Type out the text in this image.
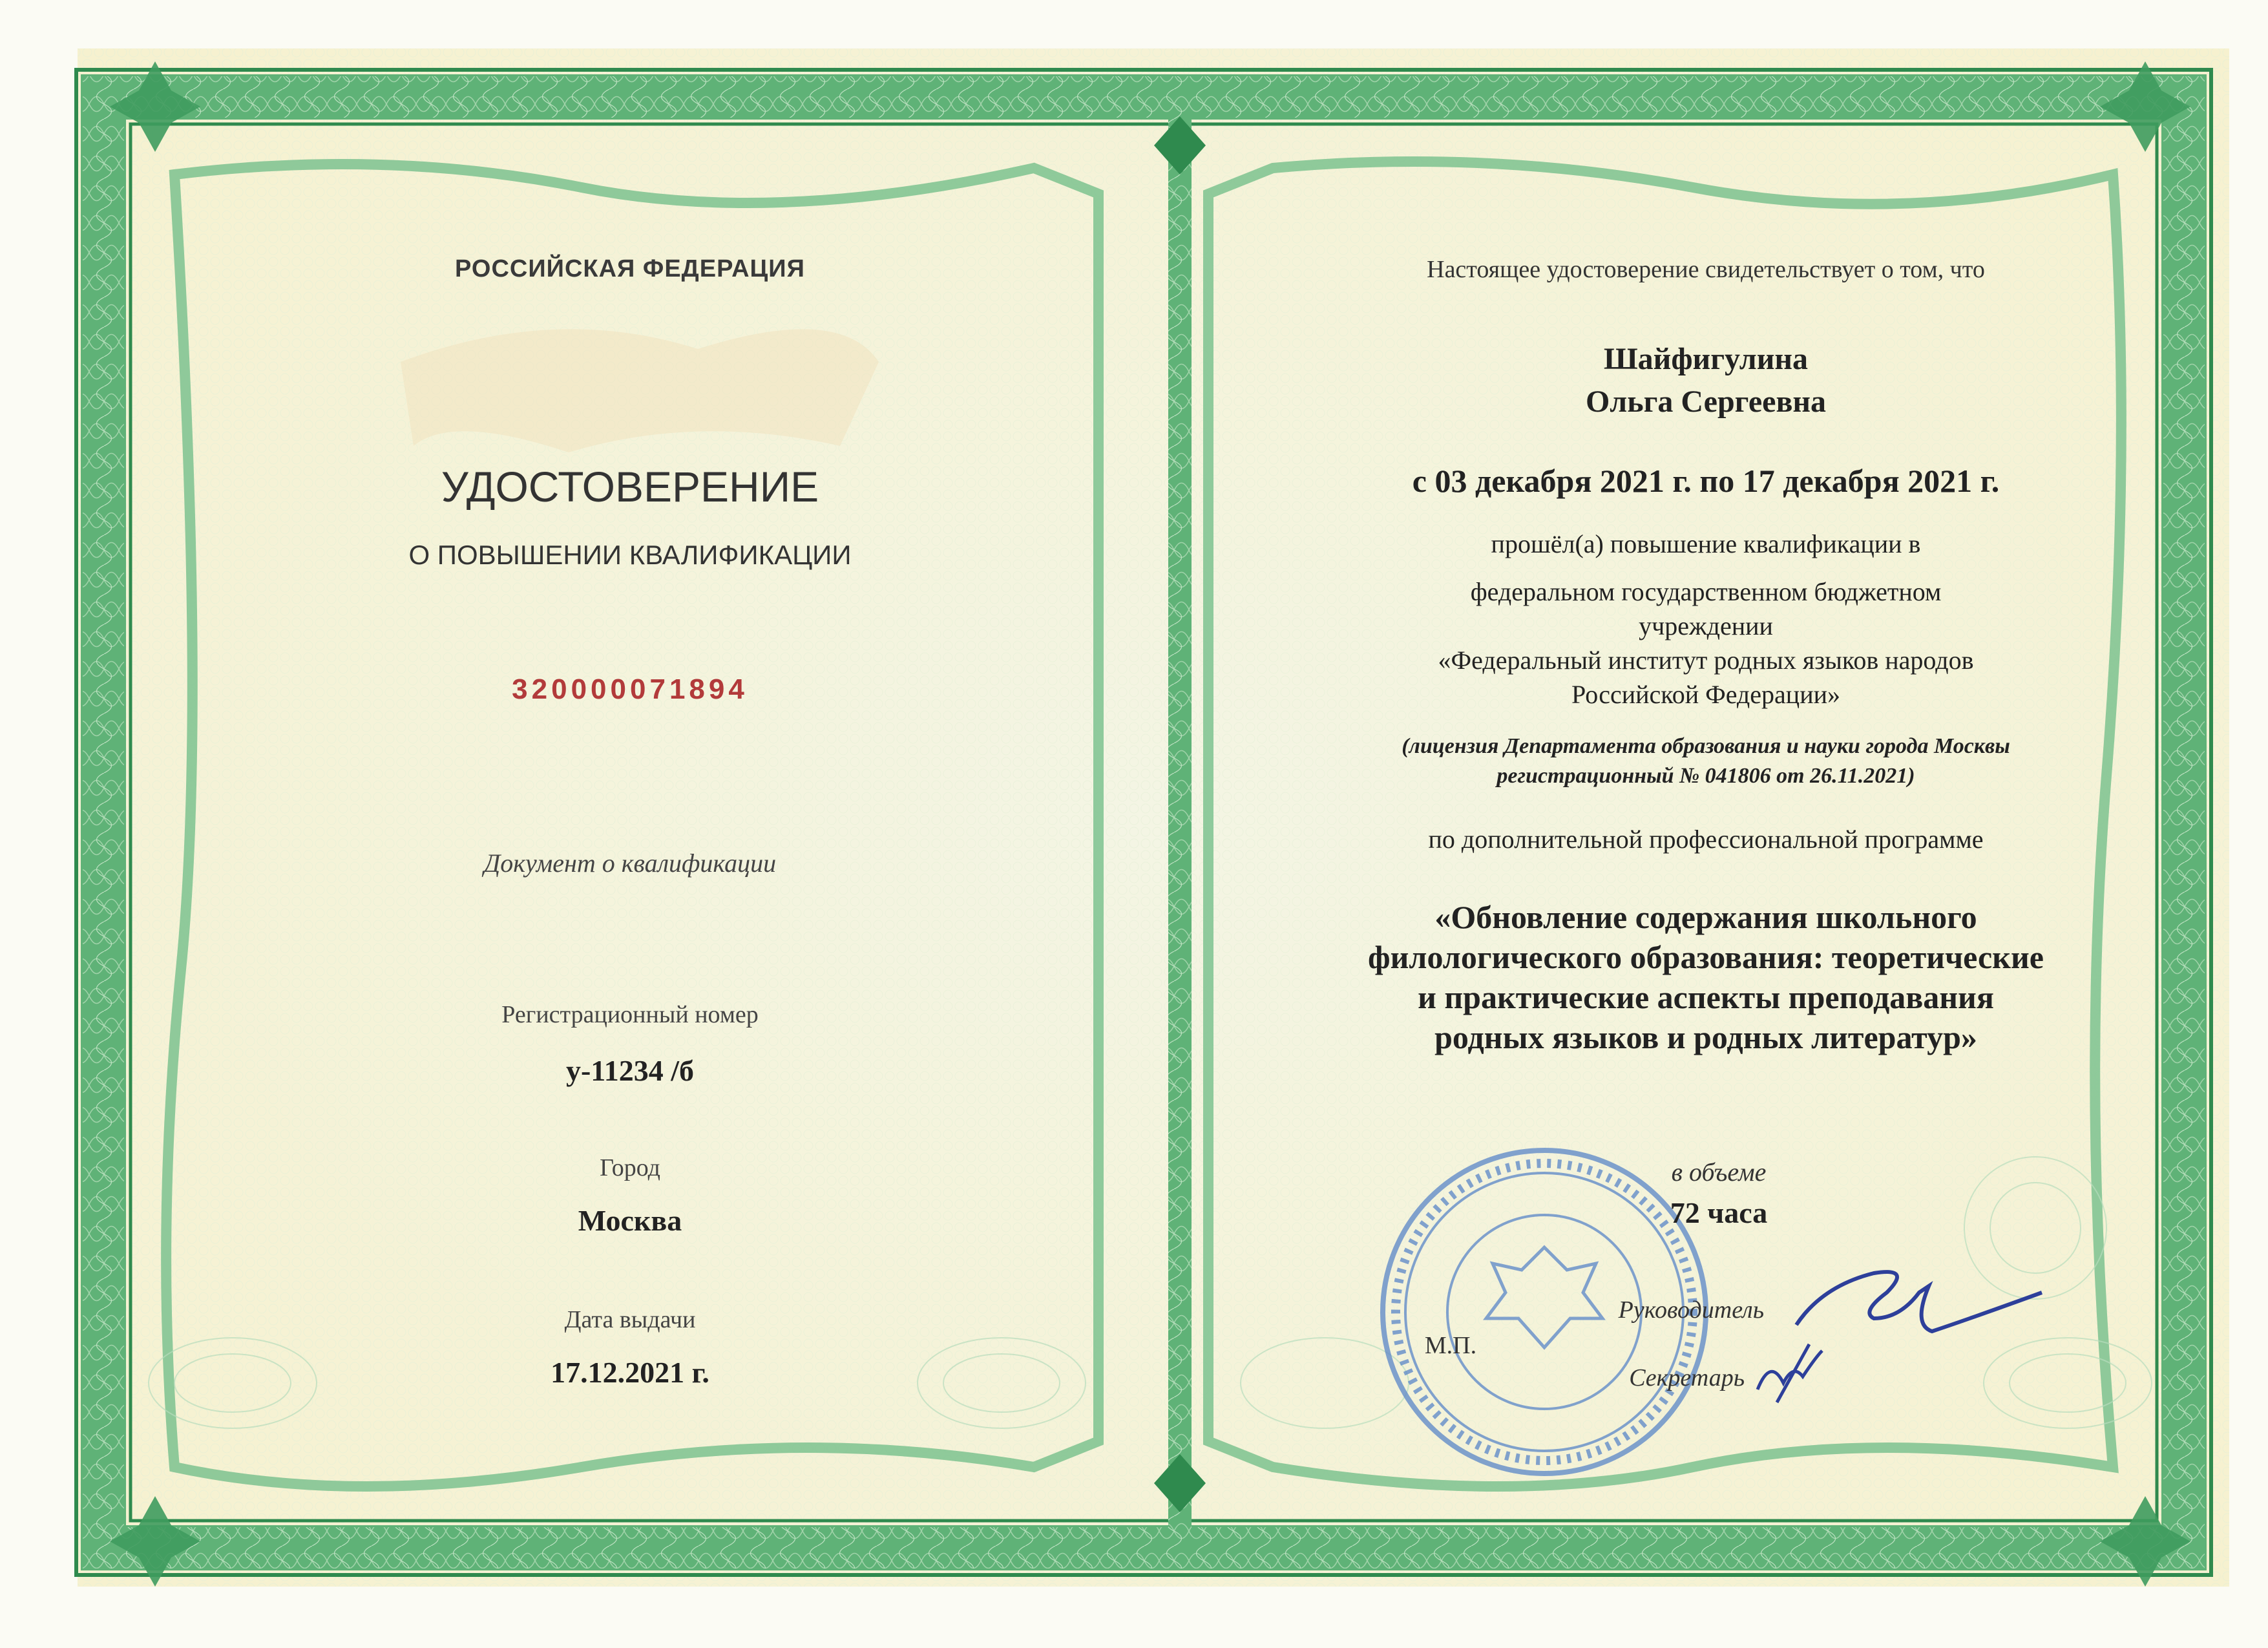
РОССИЙСКАЯ ФЕДЕРАЦИЯ
УДОСТОВЕРЕНИЕ
О ПОВЫШЕНИИ КВАЛИФИКАЦИИ
320000071894
Документ о квалификации
Регистрационный номер
у-11234 /б
Город
Москва
Дата выдачи
17.12.2021 г.
Настоящее удостоверение свидетельствует о том, что
Шайфигулина
Ольга Сергеевна
с 03 декабря 2021 г. по 17 декабря 2021 г.
прошёл(а) повышение квалификации в
федеральном государственном бюджетном
учреждении
«Федеральный институт родных языков народов
Российской Федерации»
(лицензия Департамента образования и науки города Москвы
регистрационный № 041806 от 26.11.2021)
по дополнительной профессиональной программе
«Обновление содержания школьного
филологического образования: теоретические
и практические аспекты преподавания
родных языков и родных литератур»
в объеме
72 часа
Руководитель
М.П.
Секретарь
